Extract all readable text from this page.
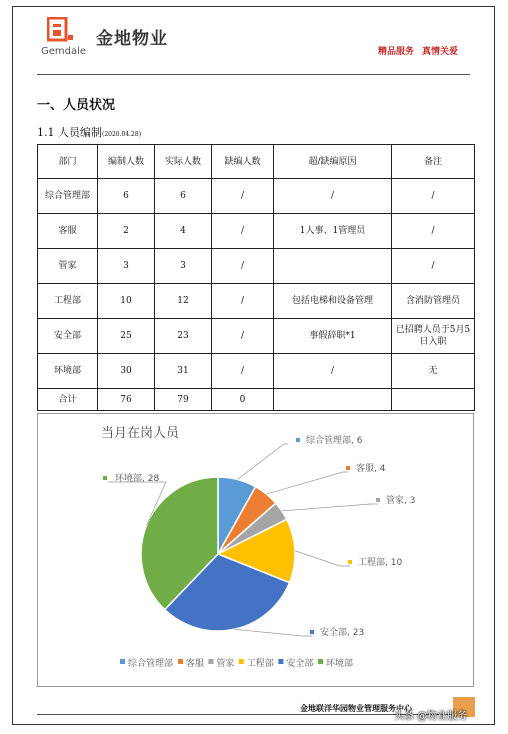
Gemdale
金地物业
精品服务 真情关爱
一、人员状况
1.1 人员编制(2020.04.28)
部门	编制人数	实际人数	缺编人数	超/缺编原因	备注
综合管理部	6	6	/	/	/
客服	2	4	/	1人事、1管理员	/
管家	3	3	/		/
工程部	10	12	/	包括电梯和设备管理	含消防管理员
安全部	25	23	/	事假辞职*1	已招聘人员于5月5日入职
环境部	30	31	/	/	无
合计	76	79	0		
当月在岗人员	综合管理部, 6
客服, 4
管家, 3
工程部, 10
安全部, 23
环境部, 28
综合管理部 客服 管家 工程部 安全部 环境部
金地联洋华园物业管理服务中心
头条 @物业服务
